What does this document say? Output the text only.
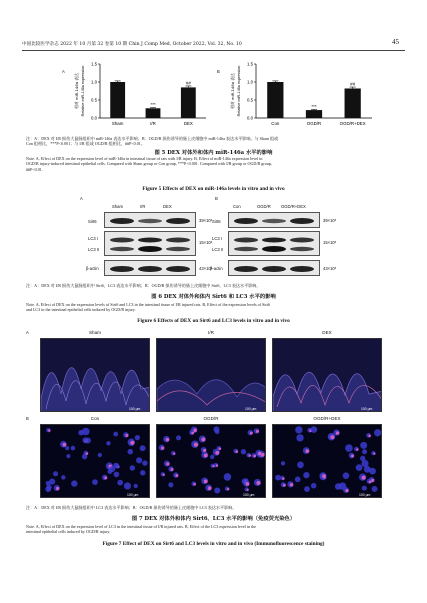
中国比较医学杂志 2022 年 10 月第 32 卷第 10 期 Chin J Comp Med, October 2022, Vol. 32, No. 10	45
A
0.0
0.5
1.0
1.5
相对 miR-146a 表达 Relative miR-146a expression
Sham
***
I/R
##
DEX
B
0.0
0.5
1.0
1.5
相对 miR-146a 表达 Relative miR-146a expression
Con
***
OGD/R
##
OGD/R+DEX
注：A：DEX 对 I/R 损伤大鼠肠组织中 miR-146a 表达水平影响；B：OGD/R 损伤诱导的肠上皮细胞中 miR-146a 表达水平影响。与 Sham 组或
Con 组相比，***P<0.001；与 I/R 组或 OGD/R 组相比，##P<0.01。
图 5 DEX 对体外和体内 miR-146a 水平的影响
Note. A, Effect of DEX on the expression level of miR-146a in intestinal tissue of rats with I/R injury. B, Effect of miR-146a expression level in
OGD/R injury-induced intestinal epithelial cells. Compared with Sham group or Con group, ***P<0.001. Compared with I/R group or OGD/R group,
##P<0.01.
Figure 5 Effects of DEX on miR-146a levels in vitro and in vivo
A	B
Sham	I/R	DEX	Con	OGD/R OGD/R+DEX
Sirt6
LC3 I
LC3 II
β-actin
39×10³
15×10³
43×10³
Sirt6
LC3 I
LC3 II
β-actin
39×10³
15×10³
43×10³
注：A：DEX 对 I/R 损伤大鼠肠组织中 Sirt6、LC3 表达水平影响；B：OGD/R 损伤诱导的肠上皮细胞中 Sirt6、LC3 表达水平影响。
图 6 DEX 对体外和体内 Sirt6 和 LC3 水平的影响
Note. A, Effect of DEX on the expression levels of Sirt6 and LC3 in the intestinal tissue of I/R injured rats. B, Effect of the expression levels of Sirt6
and LC3 in the intestinal epithelial cells induced by OGD/R injury.
Figure 6 Effects of DEX on Sirt6 and LC3 levels in vitro and in vivo
A	Sham	I/R	DEX
100 μm	100 μm	100 μm
B	Con	OGD/R	OGD/R+DEX
100 μm	100 μm	100 μm
注：A：DEX 对 I/R 损伤大鼠肠组织中 LC3 表达水平影响；B：OGD/R 损伤诱导的肠上皮细胞中 LC3 表达水平影响。
图 7 DEX 对体外和体内 Sirt6、LC3 水平的影响（免疫荧光染色）
Note. A, Effect of DEX on the expression level of LC3 in the intestinal tissue of I/R injured rats. B, Effect of the LC3 expression level in the
intestinal epithelial cells induced by OGD/R injury.
Figure 7 Effect of DEX on Sirt6 and LC3 levels in vitro and in vivo (Immunofluorescence staining)
